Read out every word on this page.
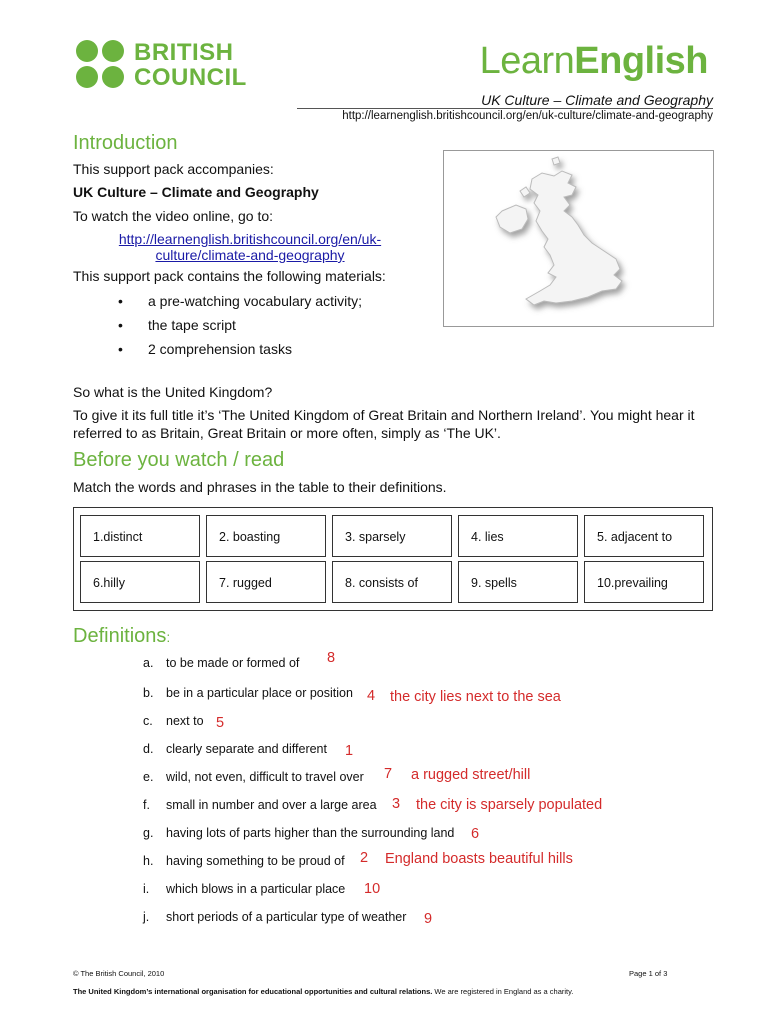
BRITISH
COUNCIL	LearnEnglish
UK Culture – Climate and Geography
http://learnenglish.britishcouncil.org/en/uk-culture/climate-and-geography
Introduction
This support pack accompanies:
UK Culture – Climate and Geography
To watch the video online, go to:
http://learnenglish.britishcouncil.org/en/uk-
culture/climate-and-geography
This support pack contains the following materials:
• a pre-watching vocabulary activity;
• the tape script
• 2 comprehension tasks
So what is the United Kingdom?
To give it its full title it’s ‘The United Kingdom of Great Britain and Northern Ireland’. You might hear it
referred to as Britain, Great Britain or more often, simply as ‘The UK’.
Before you watch / read
Match the words and phrases in the table to their definitions.
1.distinct	2. boasting	3. sparsely	4. lies	5. adjacent to
6.hilly	7. rugged	8. consists of	9. spells	10.prevailing
Definitions:
a. to be made or formed of 8
b. be in a particular place or position 4 the city lies next to the sea
c. next to 5
d. clearly separate and different 1
e. wild, not even, difficult to travel over 7 a rugged street/hill
f. small in number and over a large area 3 the city is sparsely populated
g. having lots of parts higher than the surrounding land 6
h. having something to be proud of 2 England boasts beautiful hills
i. which blows in a particular place 10
j. short periods of a particular type of weather 9
© The British Council, 2010	Page 1 of 3
The United Kingdom’s international organisation for educational opportunities and cultural relations. We are registered in England as a charity.
